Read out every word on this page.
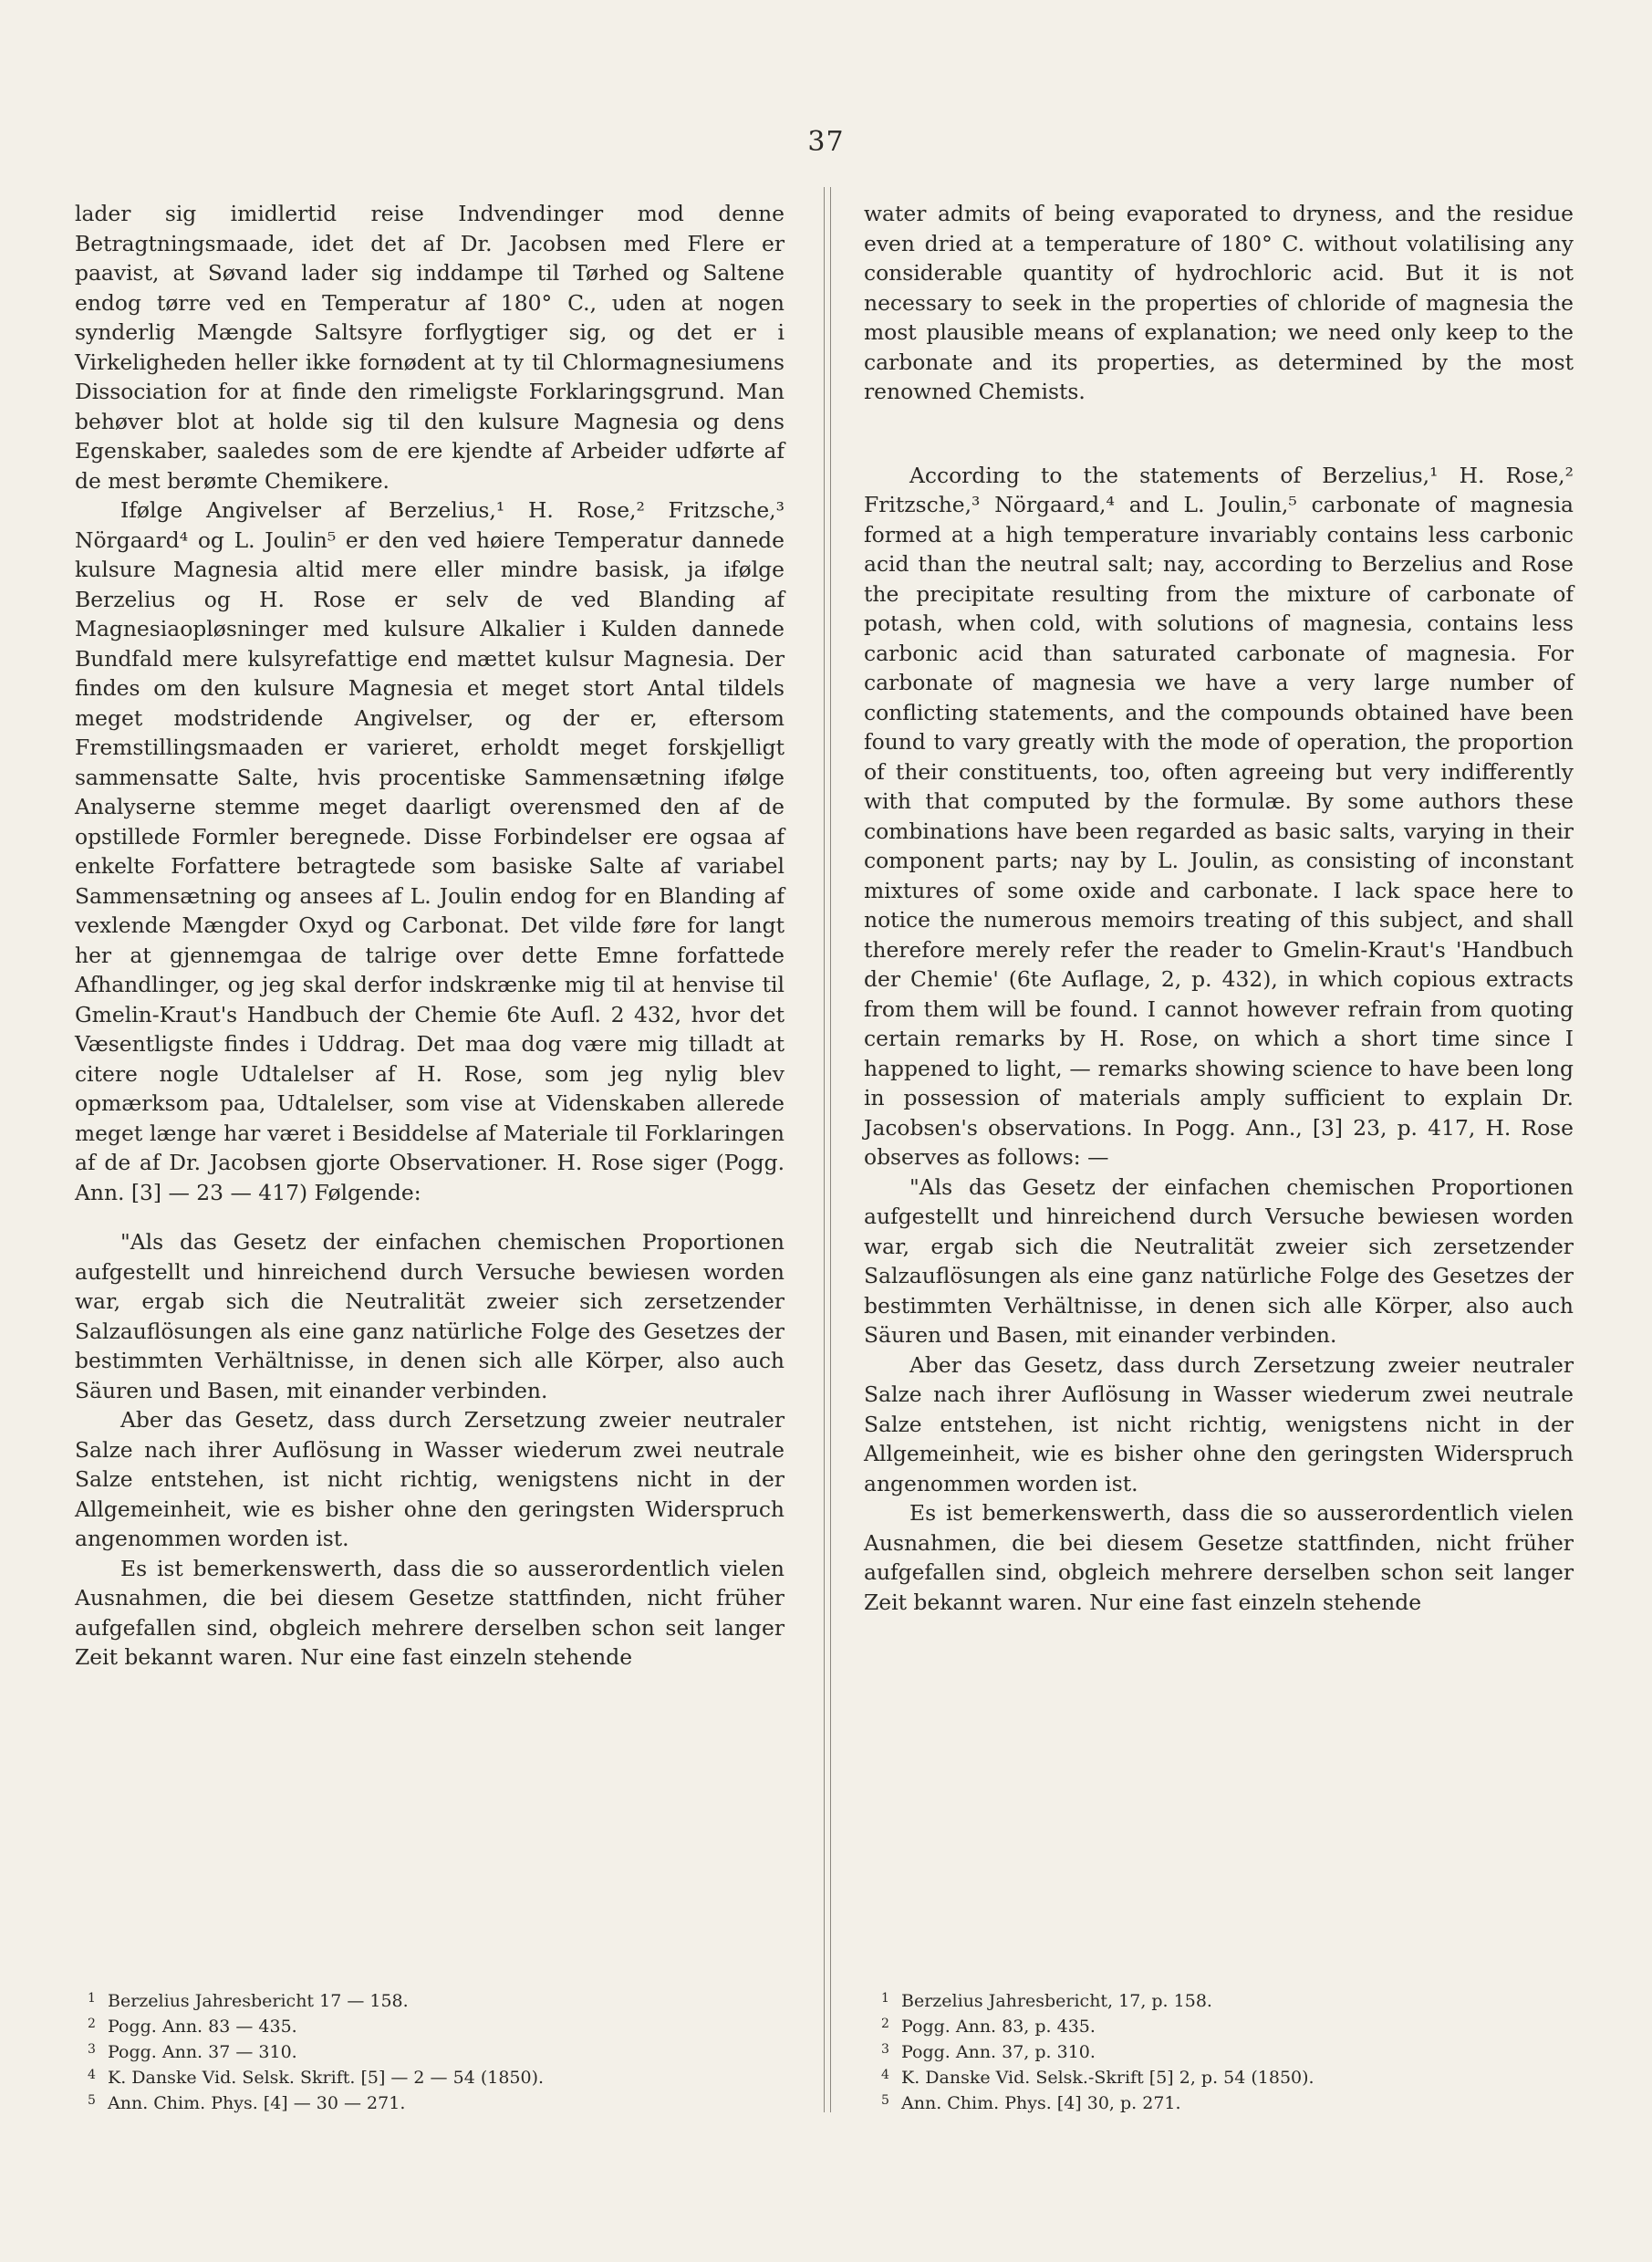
37

lader sig imidlertid reise Indvendinger mod denne Betragtningsmaade, idet det af Dr. Jacobsen med Flere er paavist, at Søvand lader sig inddampe til Tørhed og Saltene endog tørre ved en Temperatur af 180° C., uden at nogen synderlig Mængde Saltsyre forflygtiger sig, og det er i Virkeligheden heller ikke fornødent at ty til Chlormagnesiumens Dissociation for at finde den rimeligste Forklaringsgrund. Man behøver blot at holde sig til den kulsure Magnesia og dens Egenskaber, saaledes som de ere kjendte af Arbeider udførte af de mest berømte Chemikere.

Ifølge Angivelser af Berzelius,¹ H. Rose,² Fritzsche,³ Nörgaard⁴ og L. Joulin⁵ er den ved høiere Temperatur dannede kulsure Magnesia altid mere eller mindre basisk, ja ifølge Berzelius og H. Rose er selv de ved Blanding af Magnesiaopløsninger med kulsure Alkalier i Kulden dannede Bundfald mere kulsyrefattige end mættet kulsur Magnesia. Der findes om den kulsure Magnesia et meget stort Antal tildels meget modstridende Angivelser, og der er, eftersom Fremstillingsmaaden er varieret, erholdt meget forskjelligt sammensatte Salte, hvis procentiske Sammensætning ifølge Analyserne stemme meget daarligt overensmed den af de opstillede Formler beregnede. Disse Forbindelser ere ogsaa af enkelte Forfattere betragtede som basiske Salte af variabel Sammensætning og ansees af L. Joulin endog for en Blanding af vexlende Mængder Oxyd og Carbonat. Det vilde føre for langt her at gjennemgaa de talrige over dette Emne forfattede Afhandlinger, og jeg skal derfor indskrænke mig til at henvise til Gmelin-Kraut's Handbuch der Chemie 6te Aufl. 2 432, hvor det Væsentligste findes i Uddrag. Det maa dog være mig tilladt at citere nogle Udtalelser af H. Rose, som jeg nylig blev opmærksom paa, Udtalelser, som vise at Videnskaben allerede meget længe har været i Besiddelse af Materiale til Forklaringen af de af Dr. Jacobsen gjorte Observationer. H. Rose siger (Pogg. Ann. [3] — 23 — 417) Følgende:

"Als das Gesetz der einfachen chemischen Proportionen aufgestellt und hinreichend durch Versuche bewiesen worden war, ergab sich die Neutralität zweier sich zersetzender Salzauflösungen als eine ganz natürliche Folge des Gesetzes der bestimmten Verhältnisse, in denen sich alle Körper, also auch Säuren und Basen, mit einander verbinden.

Aber das Gesetz, dass durch Zersetzung zweier neutraler Salze nach ihrer Auflösung in Wasser wiederum zwei neutrale Salze entstehen, ist nicht richtig, wenigstens nicht in der Allgemeinheit, wie es bisher ohne den geringsten Widerspruch angenommen worden ist.

Es ist bemerkenswerth, dass die so ausserordentlich vielen Ausnahmen, die bei diesem Gesetze stattfinden, nicht früher aufgefallen sind, obgleich mehrere derselben schon seit langer Zeit bekannt waren. Nur eine fast einzeln stehende

water admits of being evaporated to dryness, and the residue even dried at a temperature of 180° C. without volatilising any considerable quantity of hydrochloric acid. But it is not necessary to seek in the properties of chloride of magnesia the most plausible means of explanation; we need only keep to the carbonate and its properties, as determined by the most renowned Chemists.

According to the statements of Berzelius,¹ H. Rose,² Fritzsche,³ Nörgaard,⁴ and L. Joulin,⁵ carbonate of magnesia formed at a high temperature invariably contains less carbonic acid than the neutral salt; nay, according to Berzelius and Rose the precipitate resulting from the mixture of carbonate of potash, when cold, with solutions of magnesia, contains less carbonic acid than saturated carbonate of magnesia. For carbonate of magnesia we have a very large number of conflicting statements, and the compounds obtained have been found to vary greatly with the mode of operation, the proportion of their constituents, too, often agreeing but very indifferently with that computed by the formulæ. By some authors these combinations have been regarded as basic salts, varying in their component parts; nay by L. Joulin, as consisting of inconstant mixtures of some oxide and carbonate. I lack space here to notice the numerous memoirs treating of this subject, and shall therefore merely refer the reader to Gmelin-Kraut's 'Handbuch der Chemie' (6te Auflage, 2, p. 432), in which copious extracts from them will be found. I cannot however refrain from quoting certain remarks by H. Rose, on which a short time since I happened to light, — remarks showing science to have been long in possession of materials amply sufficient to explain Dr. Jacobsen's observations. In Pogg. Ann., [3] 23, p. 417, H. Rose observes as follows: —

"Als das Gesetz der einfachen chemischen Proportionen aufgestellt und hinreichend durch Versuche bewiesen worden war, ergab sich die Neutralität zweier sich zersetzender Salzauflösungen als eine ganz natürliche Folge des Gesetzes der bestimmten Verhältnisse, in denen sich alle Körper, also auch Säuren und Basen, mit einander verbinden.

Aber das Gesetz, dass durch Zersetzung zweier neutraler Salze nach ihrer Auflösung in Wasser wiederum zwei neutrale Salze entstehen, ist nicht richtig, wenigstens nicht in der Allgemeinheit, wie es bisher ohne den geringsten Widerspruch angenommen worden ist.

Es ist bemerkenswerth, dass die so ausserordentlich vielen Ausnahmen, die bei diesem Gesetze stattfinden, nicht früher aufgefallen sind, obgleich mehrere derselben schon seit langer Zeit bekannt waren. Nur eine fast einzeln stehende

1 Berzelius Jahresbericht 17 — 158.
2 Pogg. Ann. 83 — 435.
3 Pogg. Ann. 37 — 310.
4 K. Danske Vid. Selsk. Skrift. [5] — 2 — 54 (1850).
5 Ann. Chim. Phys. [4] — 30 — 271.
1 Berzelius Jahresbericht, 17, p. 158.
2 Pogg. Ann. 83, p. 435.
3 Pogg. Ann. 37, p. 310.
4 K. Danske Vid. Selsk.-Skrift [5] 2, p. 54 (1850).
5 Ann. Chim. Phys. [4] 30, p. 271.
